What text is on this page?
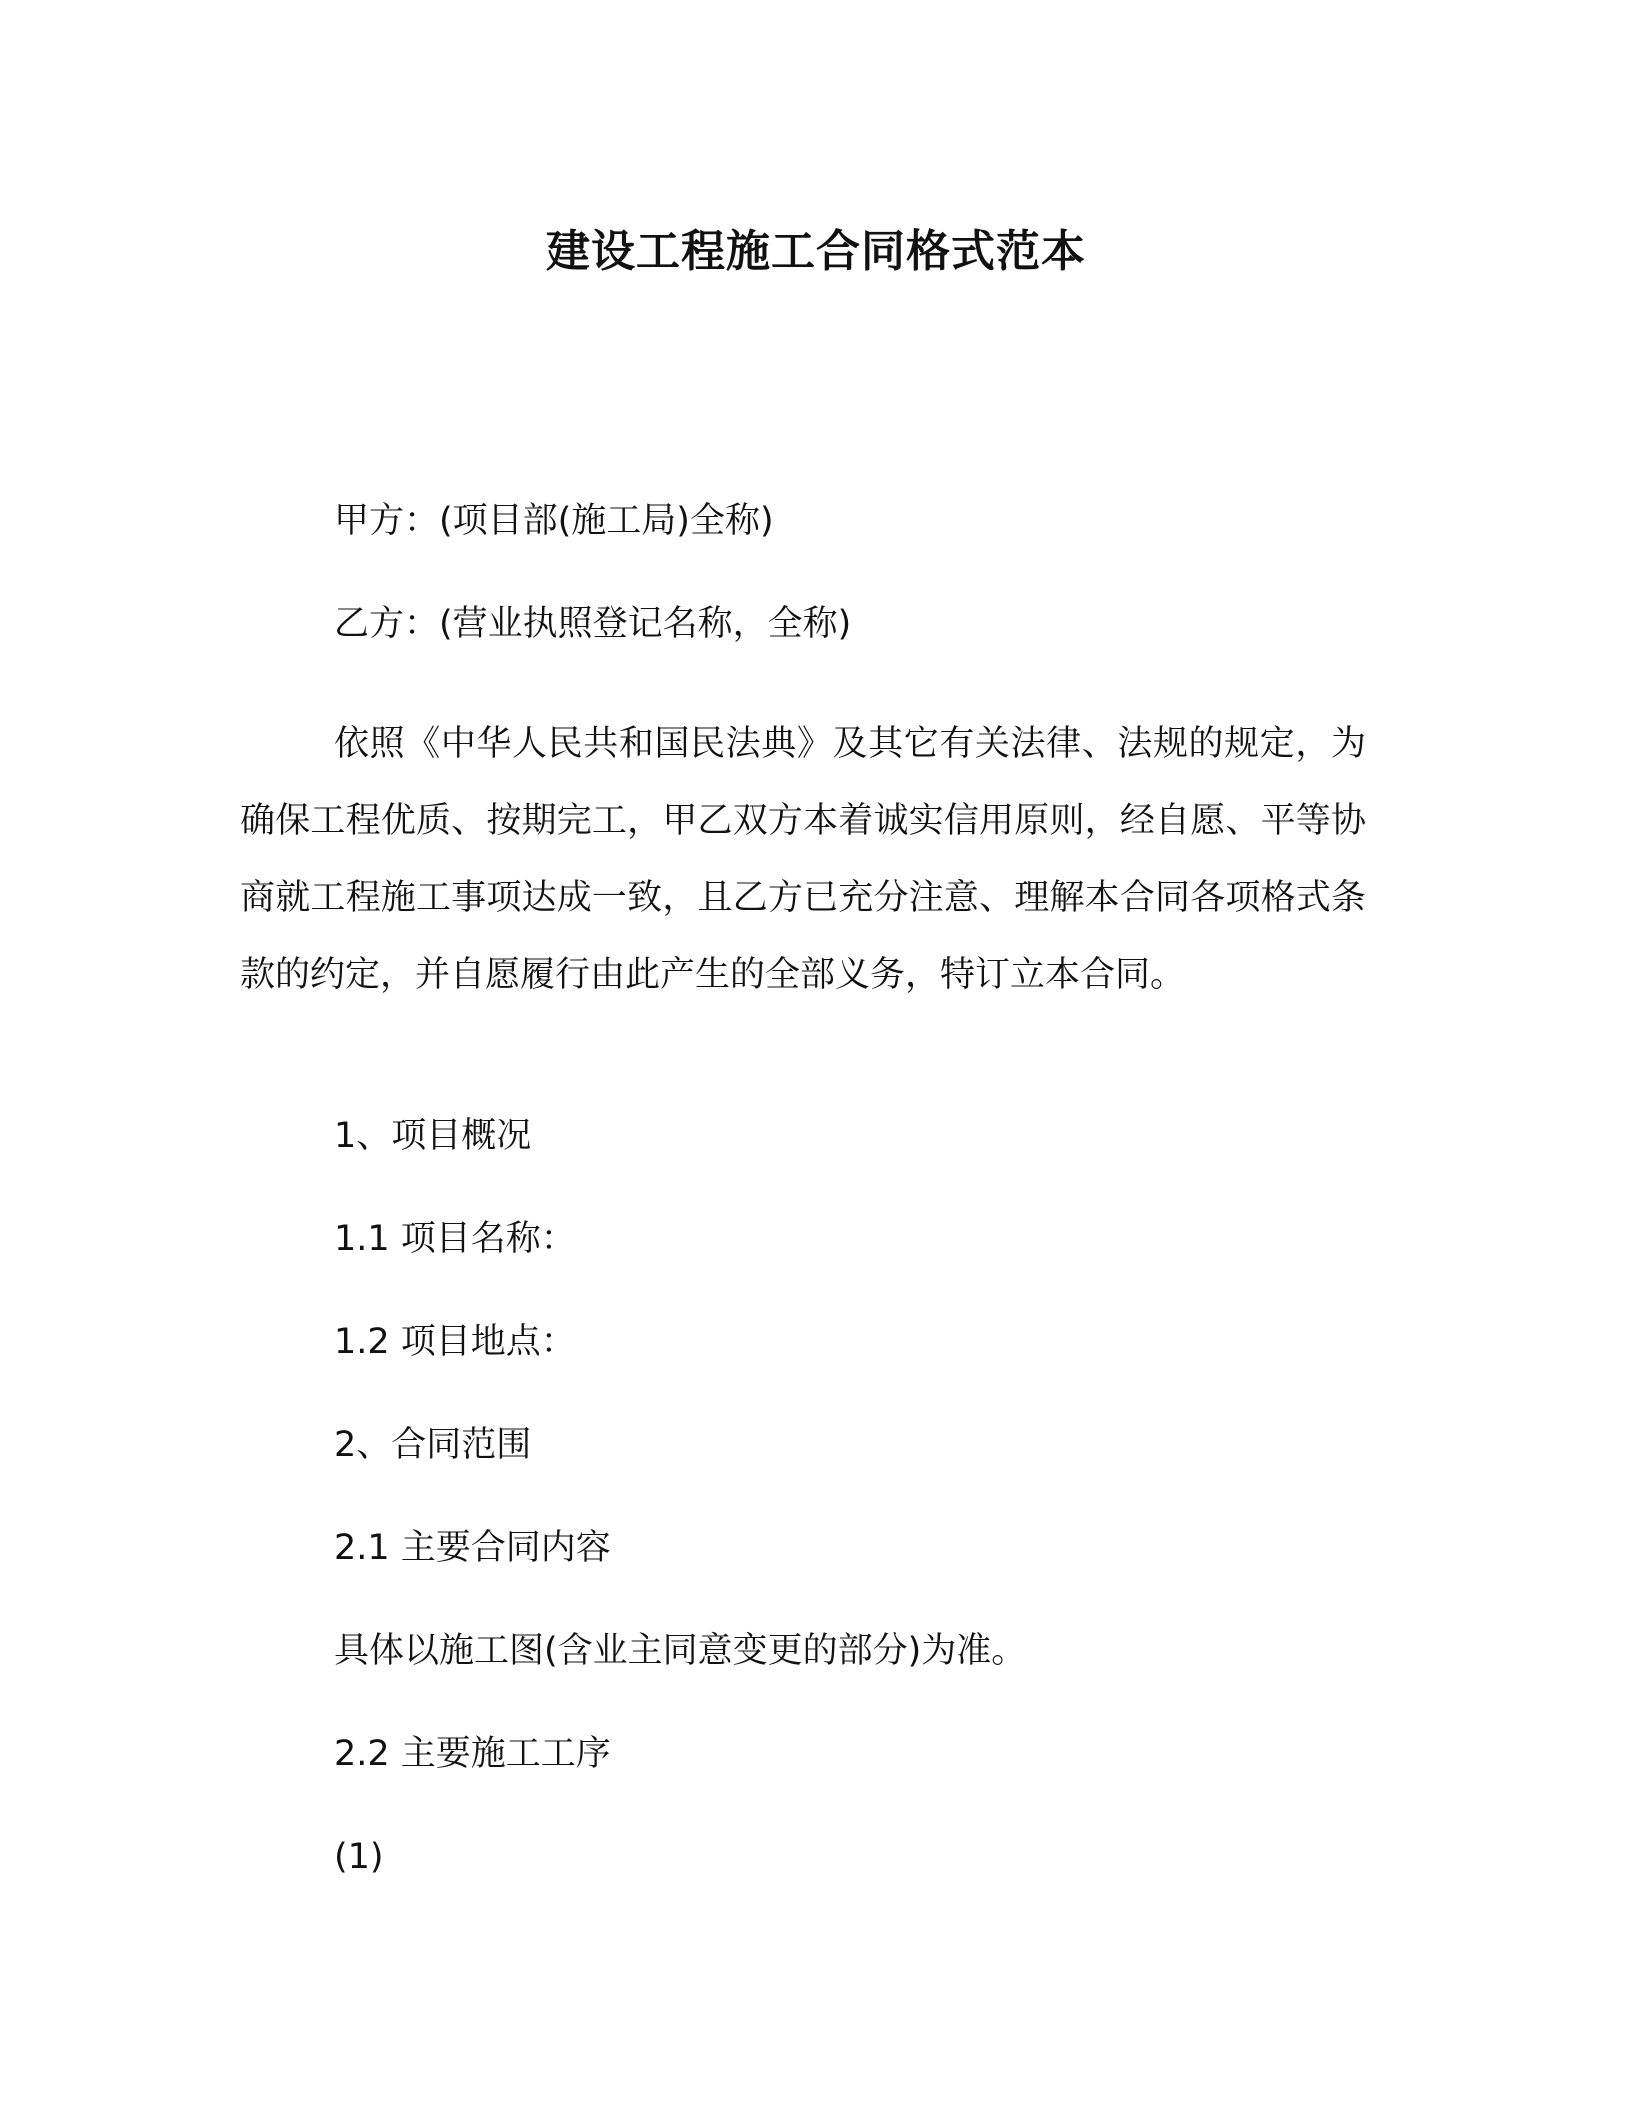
建设工程施工合同格式范本

甲方：(项目部(施工局)全称)

乙方：(营业执照登记名称，全称)

依照《中华人民共和国民法典》及其它有关法律、法规的规定，为确保工程优质、按期完工，甲乙双方本着诚实信用原则，经自愿、平等协商就工程施工事项达成一致，且乙方已充分注意、理解本合同各项格式条款的约定，并自愿履行由此产生的全部义务，特订立本合同。

1、项目概况

1.1 项目名称：

1.2 项目地点：

2、合同范围

2.1 主要合同内容

具体以施工图(含业主同意变更的部分)为准。

2.2 主要施工工序

(1)
